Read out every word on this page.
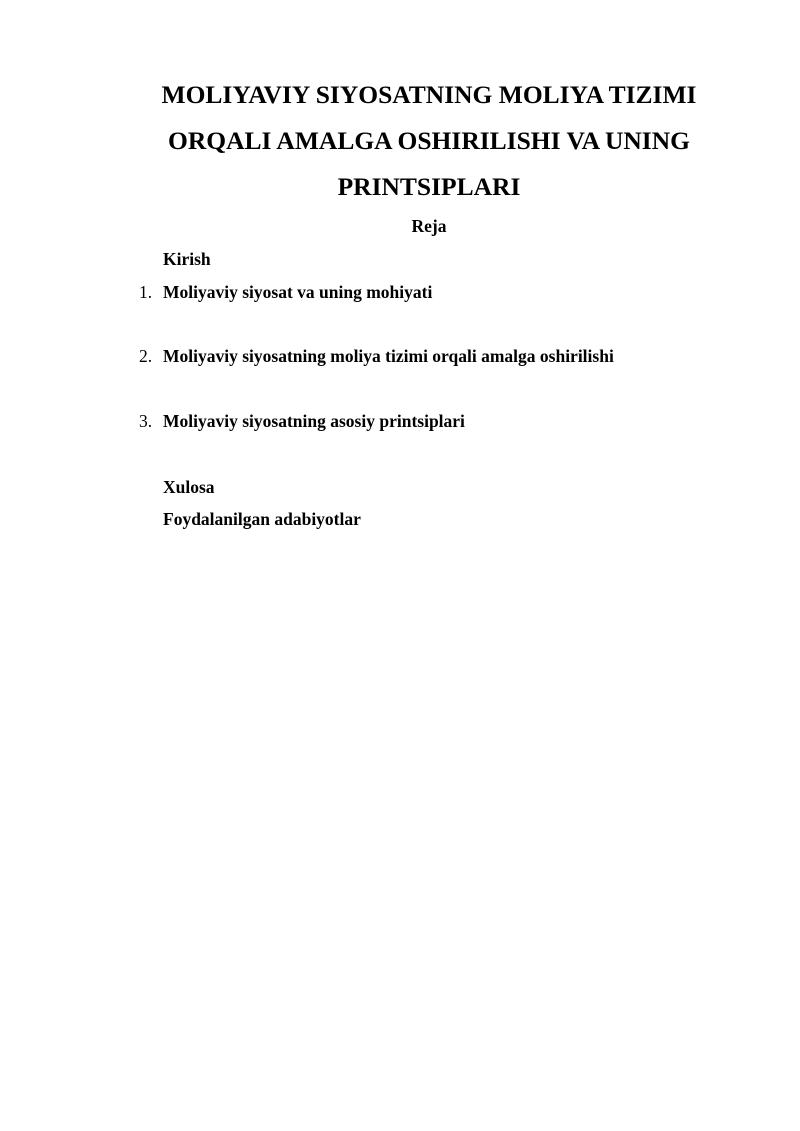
MOLIYAVIY SIYOSATNING MOLIYA TIZIMI ORQALI AMALGA OSHIRILISHI VA UNING PRINTSIPLARI
Reja
Kirish
1. Moliyaviy siyosat va uning mohiyati
2. Moliyaviy siyosatning moliya tizimi orqali amalga oshirilishi
3. Moliyaviy siyosatning asosiy printsiplari
Xulosa
Foydalanilgan adabiyotlar
